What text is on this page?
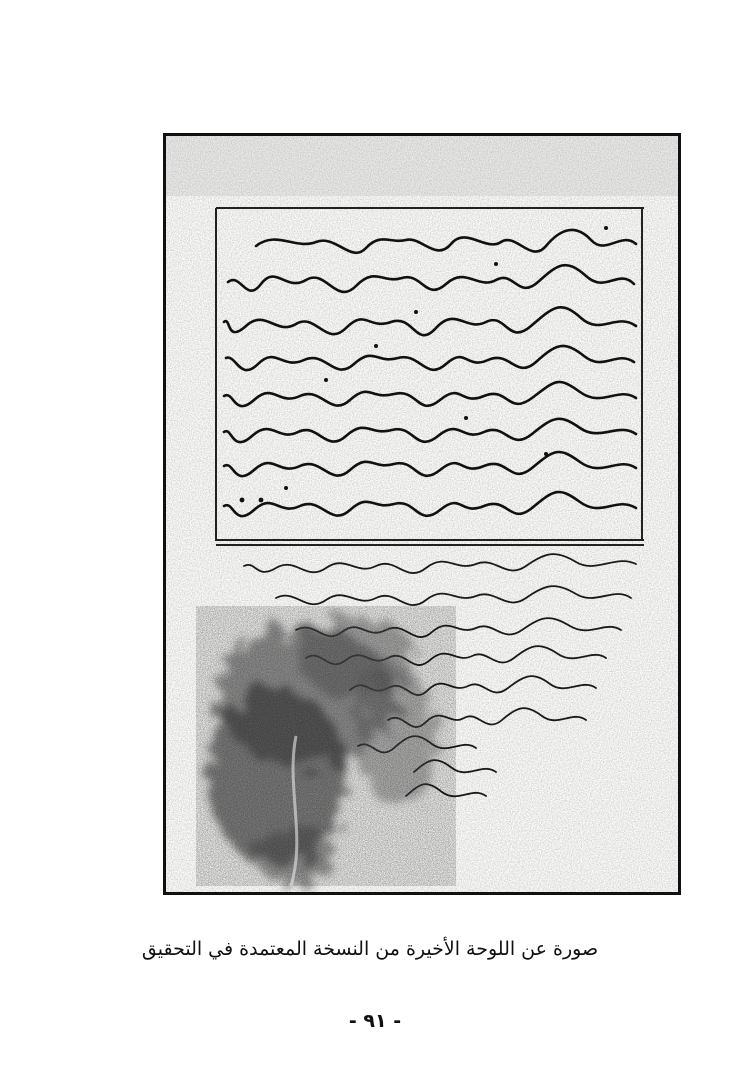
صورة عن اللوحة الأخيرة من النسخة المعتمدة في التحقيق
- ٩١ -
